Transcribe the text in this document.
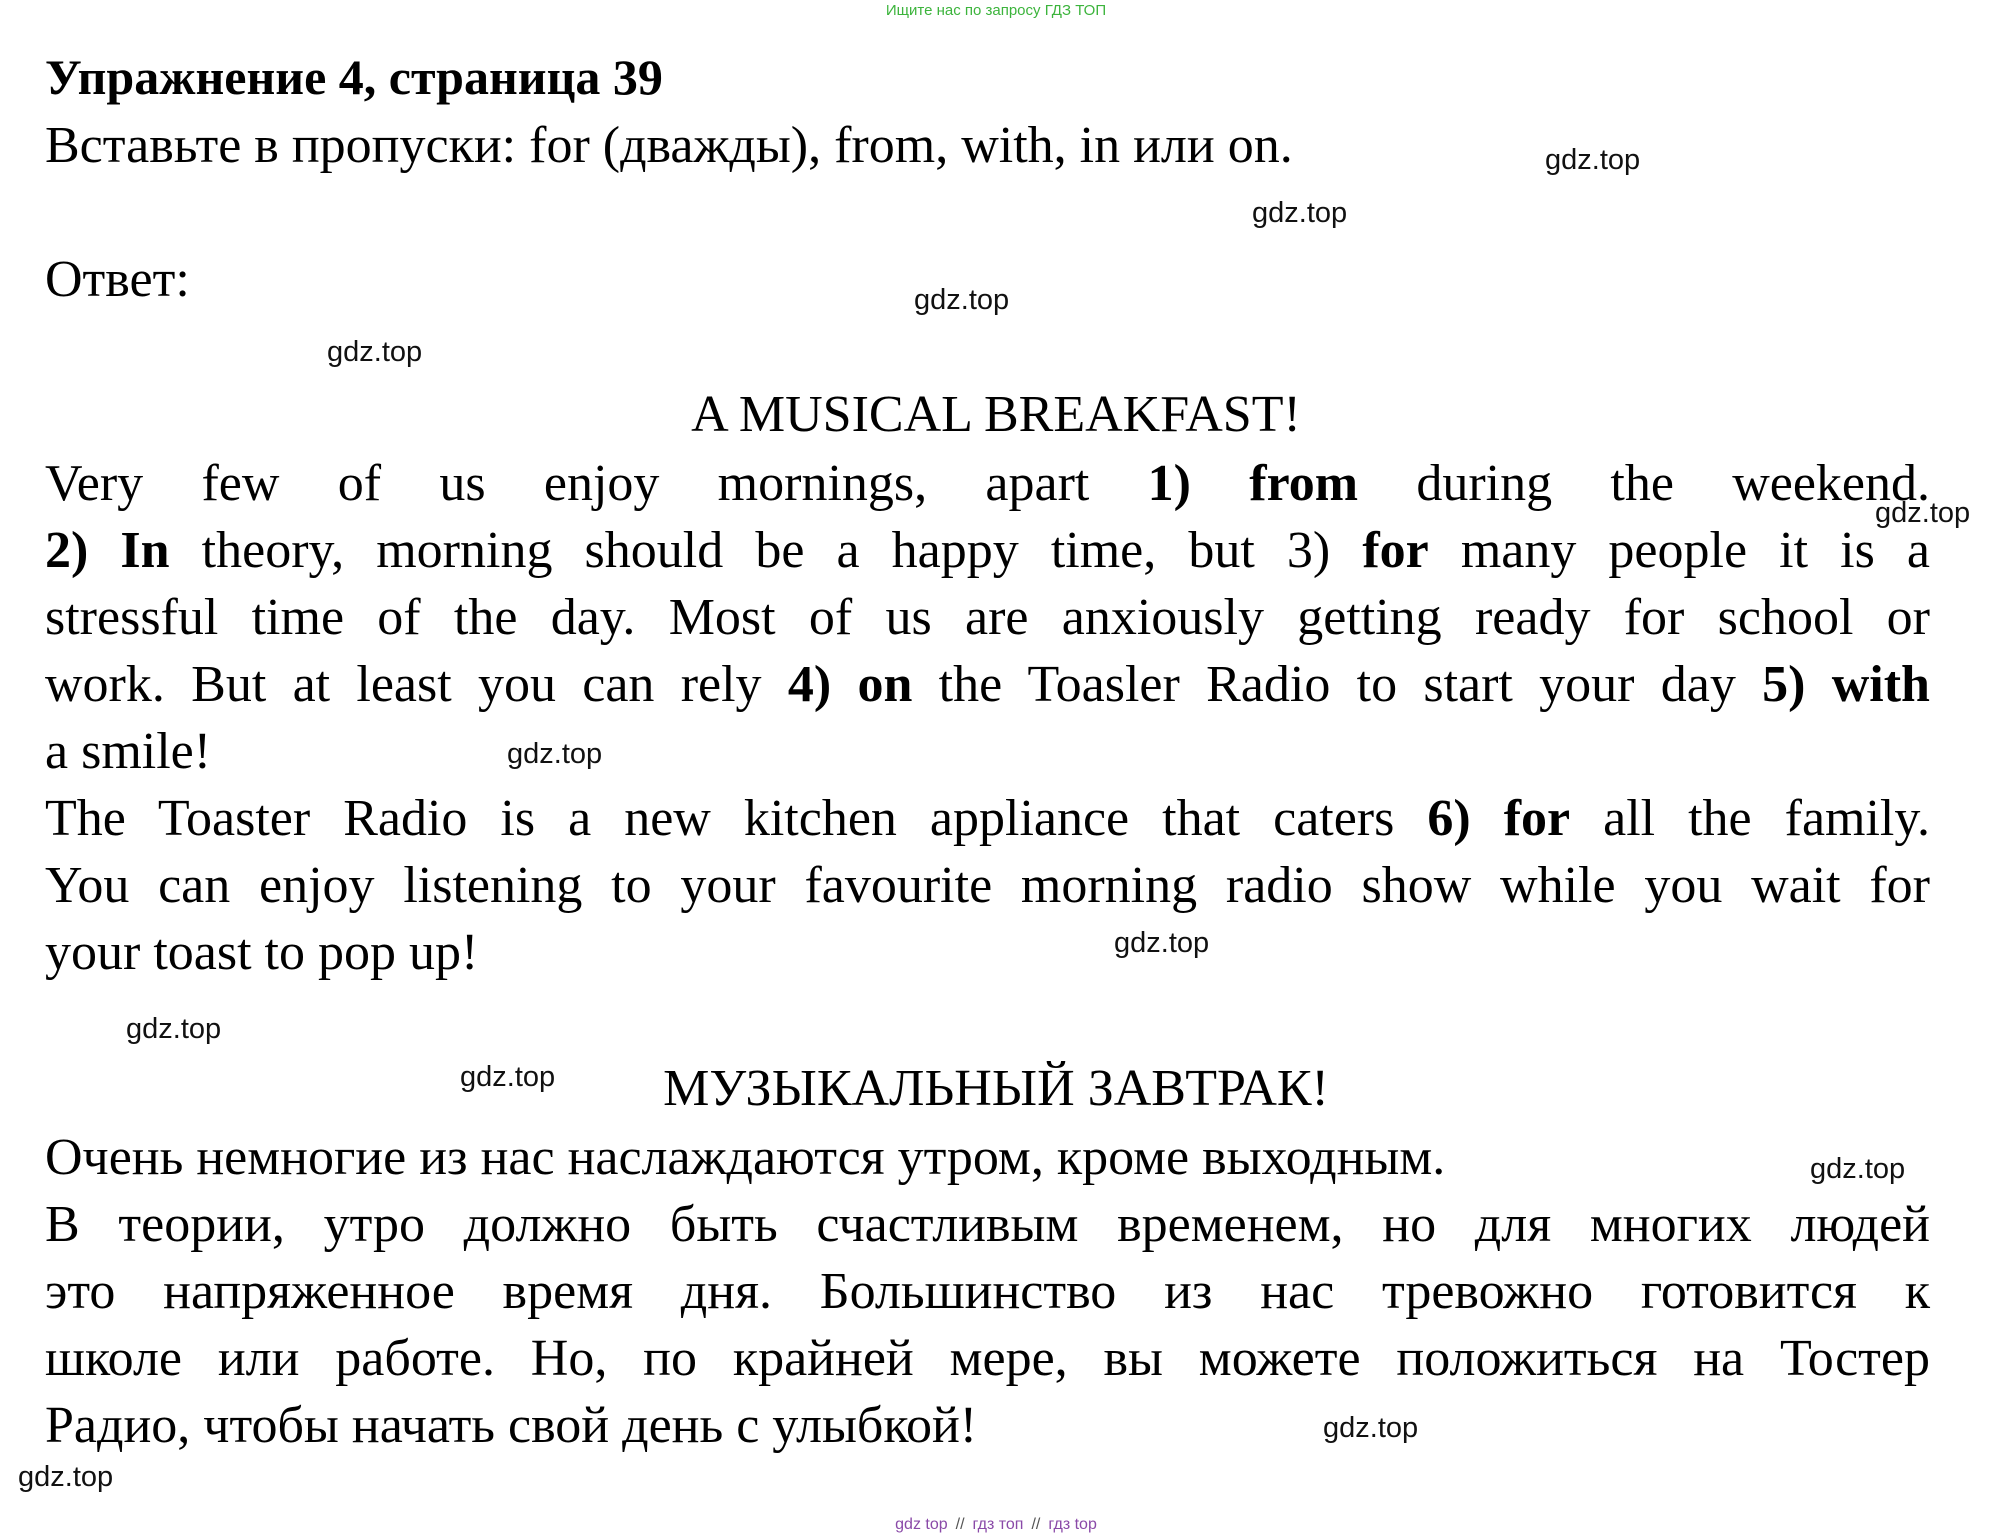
Ищите нас по запросу ГДЗ ТОП
Упражнение 4, страница 39
Вставьте в пропуски: for (дважды), from, with, in или on.
Ответ:
A MUSICAL BREAKFAST!
Very few of us enjoy mornings, apart 1) from during the weekend.
2) In theory, morning should be a happy time, but 3) for many people it is a
stressful time of the day. Most of us are anxiously getting ready for school or
work. But at least you can rely 4) on the Toasler Radio to start your day 5) with
a smile!
The Toaster Radio is a new kitchen appliance that caters 6) for all the family.
You can enjoy listening to your favourite morning radio show while you wait for
your toast to pop up!
МУЗЫКАЛЬНЫЙ ЗАВТРАК!
Очень немногие из нас наслаждаются утром, кроме выходным.
В теории, утро должно быть счастливым временем, но для многих людей
это напряженное время дня. Большинство из нас тревожно готовится к
школе или работе. Но, по крайней мере, вы можете положиться на Тостер
Радио, чтобы начать свой день с улыбкой!
gdz.top
gdz.top
gdz.top
gdz.top
gdz.top
gdz.top
gdz.top
gdz.top
gdz.top
gdz.top
gdz.top
gdz.top
gdz top // гдз топ // гдз top
